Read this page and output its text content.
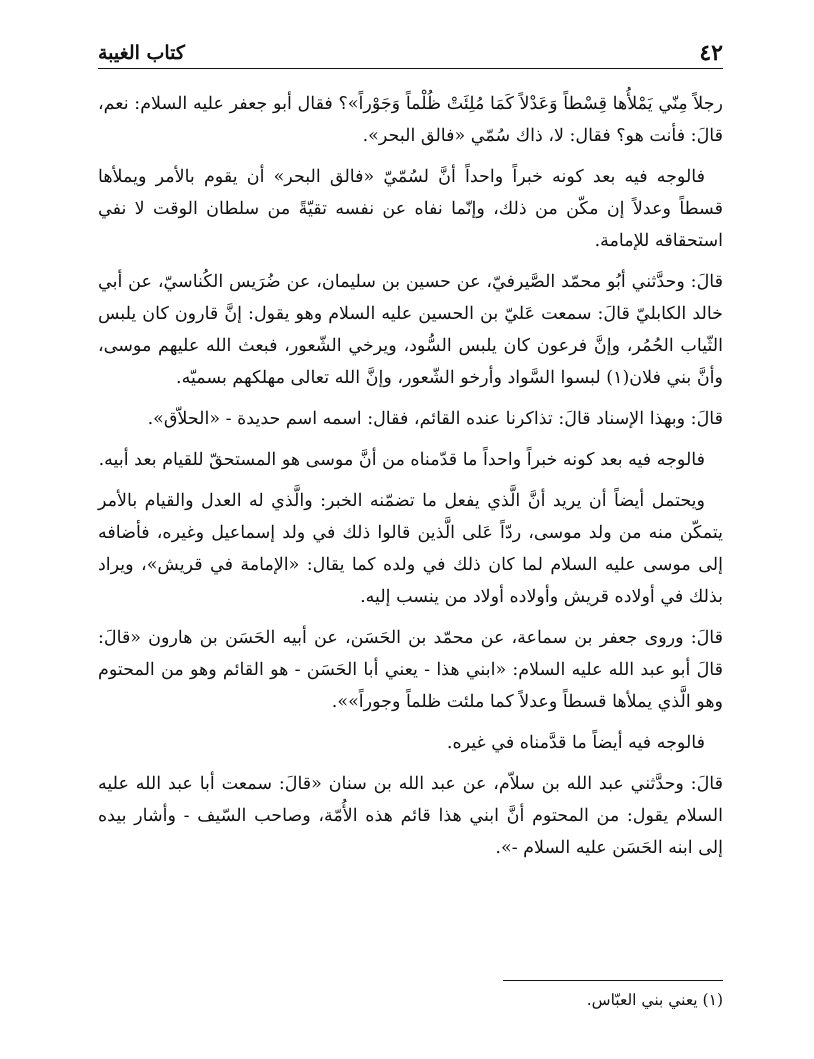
٤٢
كتاب الغيبة

رجلاً مِنّي يَمْلأُها قِسْطاً وَعَدْلاً كَمَا مُلِئَتْ ظُلْماً وَجَوْراً»؟ فقال أبو جعفر عليه السلام: نعم، قالَ: فأنت هو؟ فقال: لا، ذاك سُمّي «فالق البحر».

فالوجه فيه بعد كونه خبراً واحداً أنَّ لسُمّيّ «فالق البحر» أن يقوم بالأمر ويملأها قسطاً وعدلاً إن مكّن من ذلك، وإنّما نفاه عن نفسه تقيّةً من سلطان الوقت لا نفي استحقاقه للإمامة.

قالَ: وحدَّثني أبُو محمّد الصَّيرفيّ، عن حسين بن سليمان، عن ضُرَيس الكُناسيّ، عن أبي خالد الكابليّ قالَ: سمعت عَليّ بن الحسين عليه السلام وهو يقول: إنَّ قارون كان يلبس الثّياب الحُمُر، وإنَّ فرعون كان يلبس السُّود، ويرخي الشّعور، فبعث الله عليهم موسى، وأنَّ بني فلان(١) لبسوا السَّواد وأرخو الشّعور، وإنَّ الله تعالى مهلكهم بسميّه.

قالَ: وبهذا الإسناد قالَ: تذاكرنا عنده القائم، فقال: اسمه اسم حديدة - «الحلاّق».

فالوجه فيه بعد كونه خبراً واحداً ما قدّمناه من أنَّ موسى هو المستحقّ للقيام بعد أبيه.

ويحتمل أيضاً أن يريد أنَّ الَّذي يفعل ما تضمّنه الخبر: والَّذي له العدل والقيام بالأمر يتمكّن منه من ولد موسى، ردّاً عَلى الَّذين قالوا ذلك في ولد إسماعيل وغيره، فأضافه إلى موسى عليه السلام لما كان ذلك في ولده كما يقال: «الإمامة في قريش»، ويراد بذلك في أولاده قريش وأولاده أولاد من ينسب إليه.

قالَ: وروى جعفر بن سماعة، عن محمّد بن الحَسَن، عن أبيه الحَسَن بن هارون «قالَ: قالَ أبو عبد الله عليه السلام: «ابني هذا - يعني أبا الحَسَن - هو القائم وهو من المحتوم وهو الَّذي يملأها قسطاً وعدلاً كما ملئت ظلماً وجوراً»».

فالوجه فيه أيضاً ما قدَّمناه في غيره.

قالَ: وحدَّثني عبد الله بن سلاّم، عن عبد الله بن سنان «قالَ: سمعت أبا عبد الله عليه السلام يقول: من المحتوم أنَّ ابني هذا قائم هذه الأُمّة، وصاحب السّيف - وأشار بيده إلى ابنه الحَسَن عليه السلام -».

(١) يعني بني العبّاس.
